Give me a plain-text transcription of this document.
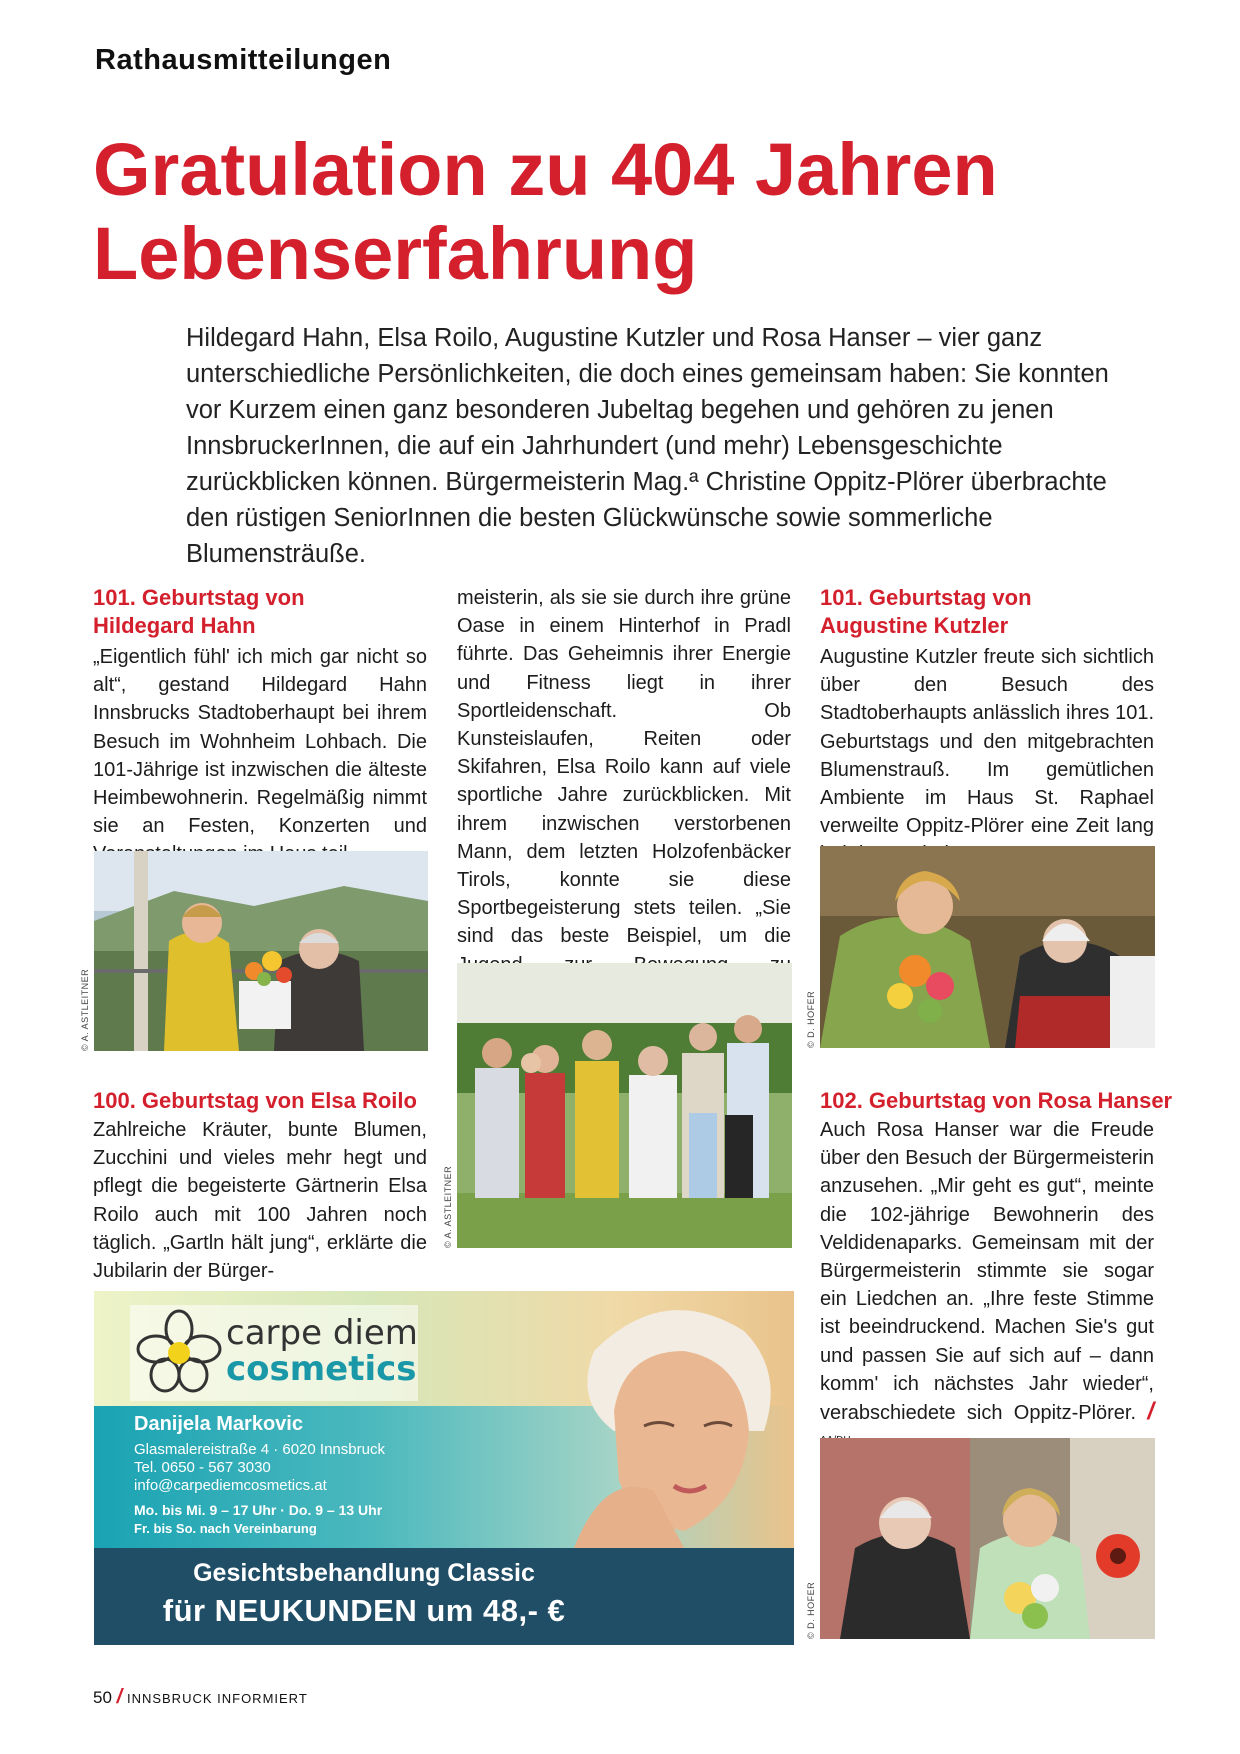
Rathausmitteilungen
Gratulation zu 404 Jahren
Lebenserfahrung
Hildegard Hahn, Elsa Roilo, Augustine Kutzler und Rosa Hanser – vier ganz unterschiedliche Persönlichkeiten, die doch eines gemeinsam haben: Sie konnten vor Kurzem einen ganz besonderen Jubeltag begehen und gehören zu jenen InnsbruckerInnen, die auf ein Jahrhundert (und mehr) Lebensgeschichte zurückblicken können. Bürgermeisterin Mag.ª Christine Oppitz-Plörer überbrachte den rüstigen SeniorInnen die besten Glückwünsche sowie sommerliche Blumensträuße.
101. Geburtstag von
Hildegard Hahn

„Eigentlich fühl' ich mich gar nicht so alt“, gestand Hildegard Hahn Innsbrucks Stadtoberhaupt bei ihrem Besuch im Wohnheim Lohbach. Die 101-Jährige ist inzwischen die älteste Heimbewohnerin. Regelmäßig nimmt sie an Festen, Konzerten und

© A. ASTLEITNER
100. Geburtstag von Elsa Roilo

Zahlreiche Kräuter, bunte Blumen, Zucchini und vieles mehr hegt und pflegt die begeisterte Gärtnerin Elsa Roilo auch mit 100 Jahren noch täglich. „Gartln hält jung“, erklärte die Jubilarin der Bürger-

meisterin, als sie sie durch ihre grüne Oase in einem Hinterhof in Pradl führte. Das Geheimnis ihrer Energie und Fitness liegt in ihrer Sportleidenschaft. Ob Kunsteislaufen, Reiten oder Skifahren, Elsa Roilo kann auf viele sportliche Jahre zurückblicken. Mit ihrem inzwischen verstorbenen Mann, dem letzten Holzofenbäcker Tirols, konnte sie diese Sportbegeisterung stets teilen. „Sie sind das beste Beispiel, um die

© A. ASTLEITNER
101. Geburtstag von
Augustine Kutzler

Augustine Kutzler freute sich sichtlich über den Besuch des Stadtoberhaupts anlässlich ihres 101. Geburtstags und den mitgebrachten Blumenstrauß. Im gemütlichen Ambiente im Haus St. Raphael verweilte Oppitz-Plörer eine Zeit lang

© D. HOFER
102. Geburtstag von Rosa Hanser

Auch Rosa Hanser war die Freude über den Besuch der Bürgermeisterin anzusehen. „Mir geht es gut“, meinte die 102-jährige Bewohnerin des Veldidenaparks. Gemeinsam mit der Bürgermeisterin stimmte sie sogar ein Liedchen an. „Ihre feste Stimme ist beeindruckend. Machen Sie's gut und passen Sie auf sich auf – dann komm' ich nächstes Jahr wieder“, verabschiedete sich Oppitz-Plörer. /

© D. HOFER
carpe diem
cosmetics
Danijela Markovic
Glasmalereistraße 4 · 6020 Innsbruck
Tel. 0650 - 567 3030
info@carpediemcosmetics.at
Mo. bis Mi. 9 – 17 Uhr · Do. 9 – 13 Uhr
Fr. bis So. nach Vereinbarung
Gesichtsbehandlung Classic
für NEUKUNDEN um 48,- €
50 / INNSBRUCK INFORMIERT
